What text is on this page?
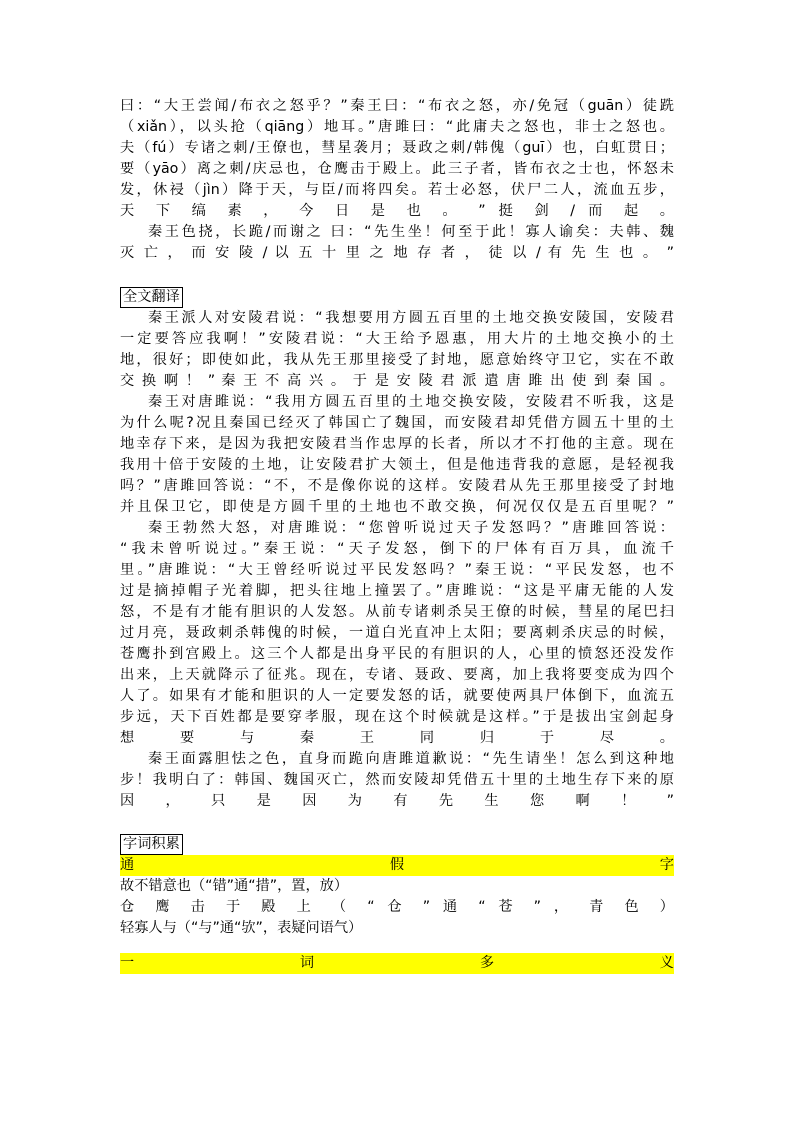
曰：“大王尝闻/布衣之怒乎？”秦王曰：“布衣之怒，亦/免冠（guān）徒跣
（xiǎn），以头抢（qiāng）地耳。”唐雎曰：“此庸夫之怒也，非士之怒也。
夫（fú）专诸之刺/王僚也，彗星袭月；聂政之刺/韩傀（guī）也，白虹贯日；
要（yāo）离之刺/庆忌也，仓鹰击于殿上。此三子者，皆布衣之士也，怀怒未
发，休祲（jìn）降于天，与臣/而将四矣。若士必怒，伏尸二人，流血五步，
天 下 缟 素 ， 今 日 是 也 。 ” 挺 剑 / 而 起 。
秦王色挠，长跪/而谢之 曰：“先生坐！何至于此！寡人谕矣：夫韩、魏
灭 亡 ， 而 安 陵 / 以 五 十 里 之 地 存 者 ， 徒 以 / 有 先 生 也 。 ”
全文翻译
秦王派人对安陵君说：“我想要用方圆五百里的土地交换安陵国，安陵君
一定要答应我啊！”安陵君说：“大王给予恩惠，用大片的土地交换小的土
地，很好；即使如此，我从先王那里接受了封地，愿意始终守卫它，实在不敢
交 换 啊 ！ ” 秦 王 不 高 兴 。 于 是 安 陵 君 派 遣 唐 雎 出 使 到 秦 国 。
秦王对唐雎说：“我用方圆五百里的土地交换安陵，安陵君不听我，这是
为什么呢?况且秦国已经灭了韩国亡了魏国，而安陵君却凭借方圆五十里的土
地幸存下来，是因为我把安陵君当作忠厚的长者，所以才不打他的主意。现在
我用十倍于安陵的土地，让安陵君扩大领土，但是他违背我的意愿，是轻视我
吗？”唐雎回答说：“不，不是像你说的这样。安陵君从先王那里接受了封地
并且保卫它，即使是方圆千里的土地也不敢交换，何况仅仅是五百里呢？”
秦王勃然大怒，对唐雎说：“您曾听说过天子发怒吗？”唐雎回答说：
“我未曾听说过。”秦王说：“天子发怒，倒下的尸体有百万具，血流千
里。”唐雎说：“大王曾经听说过平民发怒吗？”秦王说：“平民发怒，也不
过是摘掉帽子光着脚，把头往地上撞罢了。”唐雎说：“这是平庸无能的人发
怒，不是有才能有胆识的人发怒。从前专诸刺杀吴王僚的时候，彗星的尾巴扫
过月亮，聂政刺杀韩傀的时候，一道白光直冲上太阳；要离刺杀庆忌的时候，
苍鹰扑到宫殿上。这三个人都是出身平民的有胆识的人，心里的愤怒还没发作
出来，上天就降示了征兆。现在，专诸、聂政、要离，加上我将要变成为四个
人了。如果有才能和胆识的人一定要发怒的话，就要使两具尸体倒下，血流五
步远，天下百姓都是要穿孝服，现在这个时候就是这样。”于是拔出宝剑起身
想 要 与 秦 王 同 归 于 尽 。
秦王面露胆怯之色，直身而跪向唐雎道歉说：“先生请坐！怎么到这种地
步！我明白了：韩国、魏国灭亡，然而安陵却凭借五十里的土地生存下来的原
因 ， 只 是 因 为 有 先 生 您 啊 ！ ”
字词积累
通 假 字
故不错意也（“错”通“措”，置，放）
仓 鹰 击 于 殿 上 （ “ 仓 ” 通 “ 苍 ” ， 青 色 ）
轻寡人与（“与”通“欤”，表疑问语气）
一 词 多 义
